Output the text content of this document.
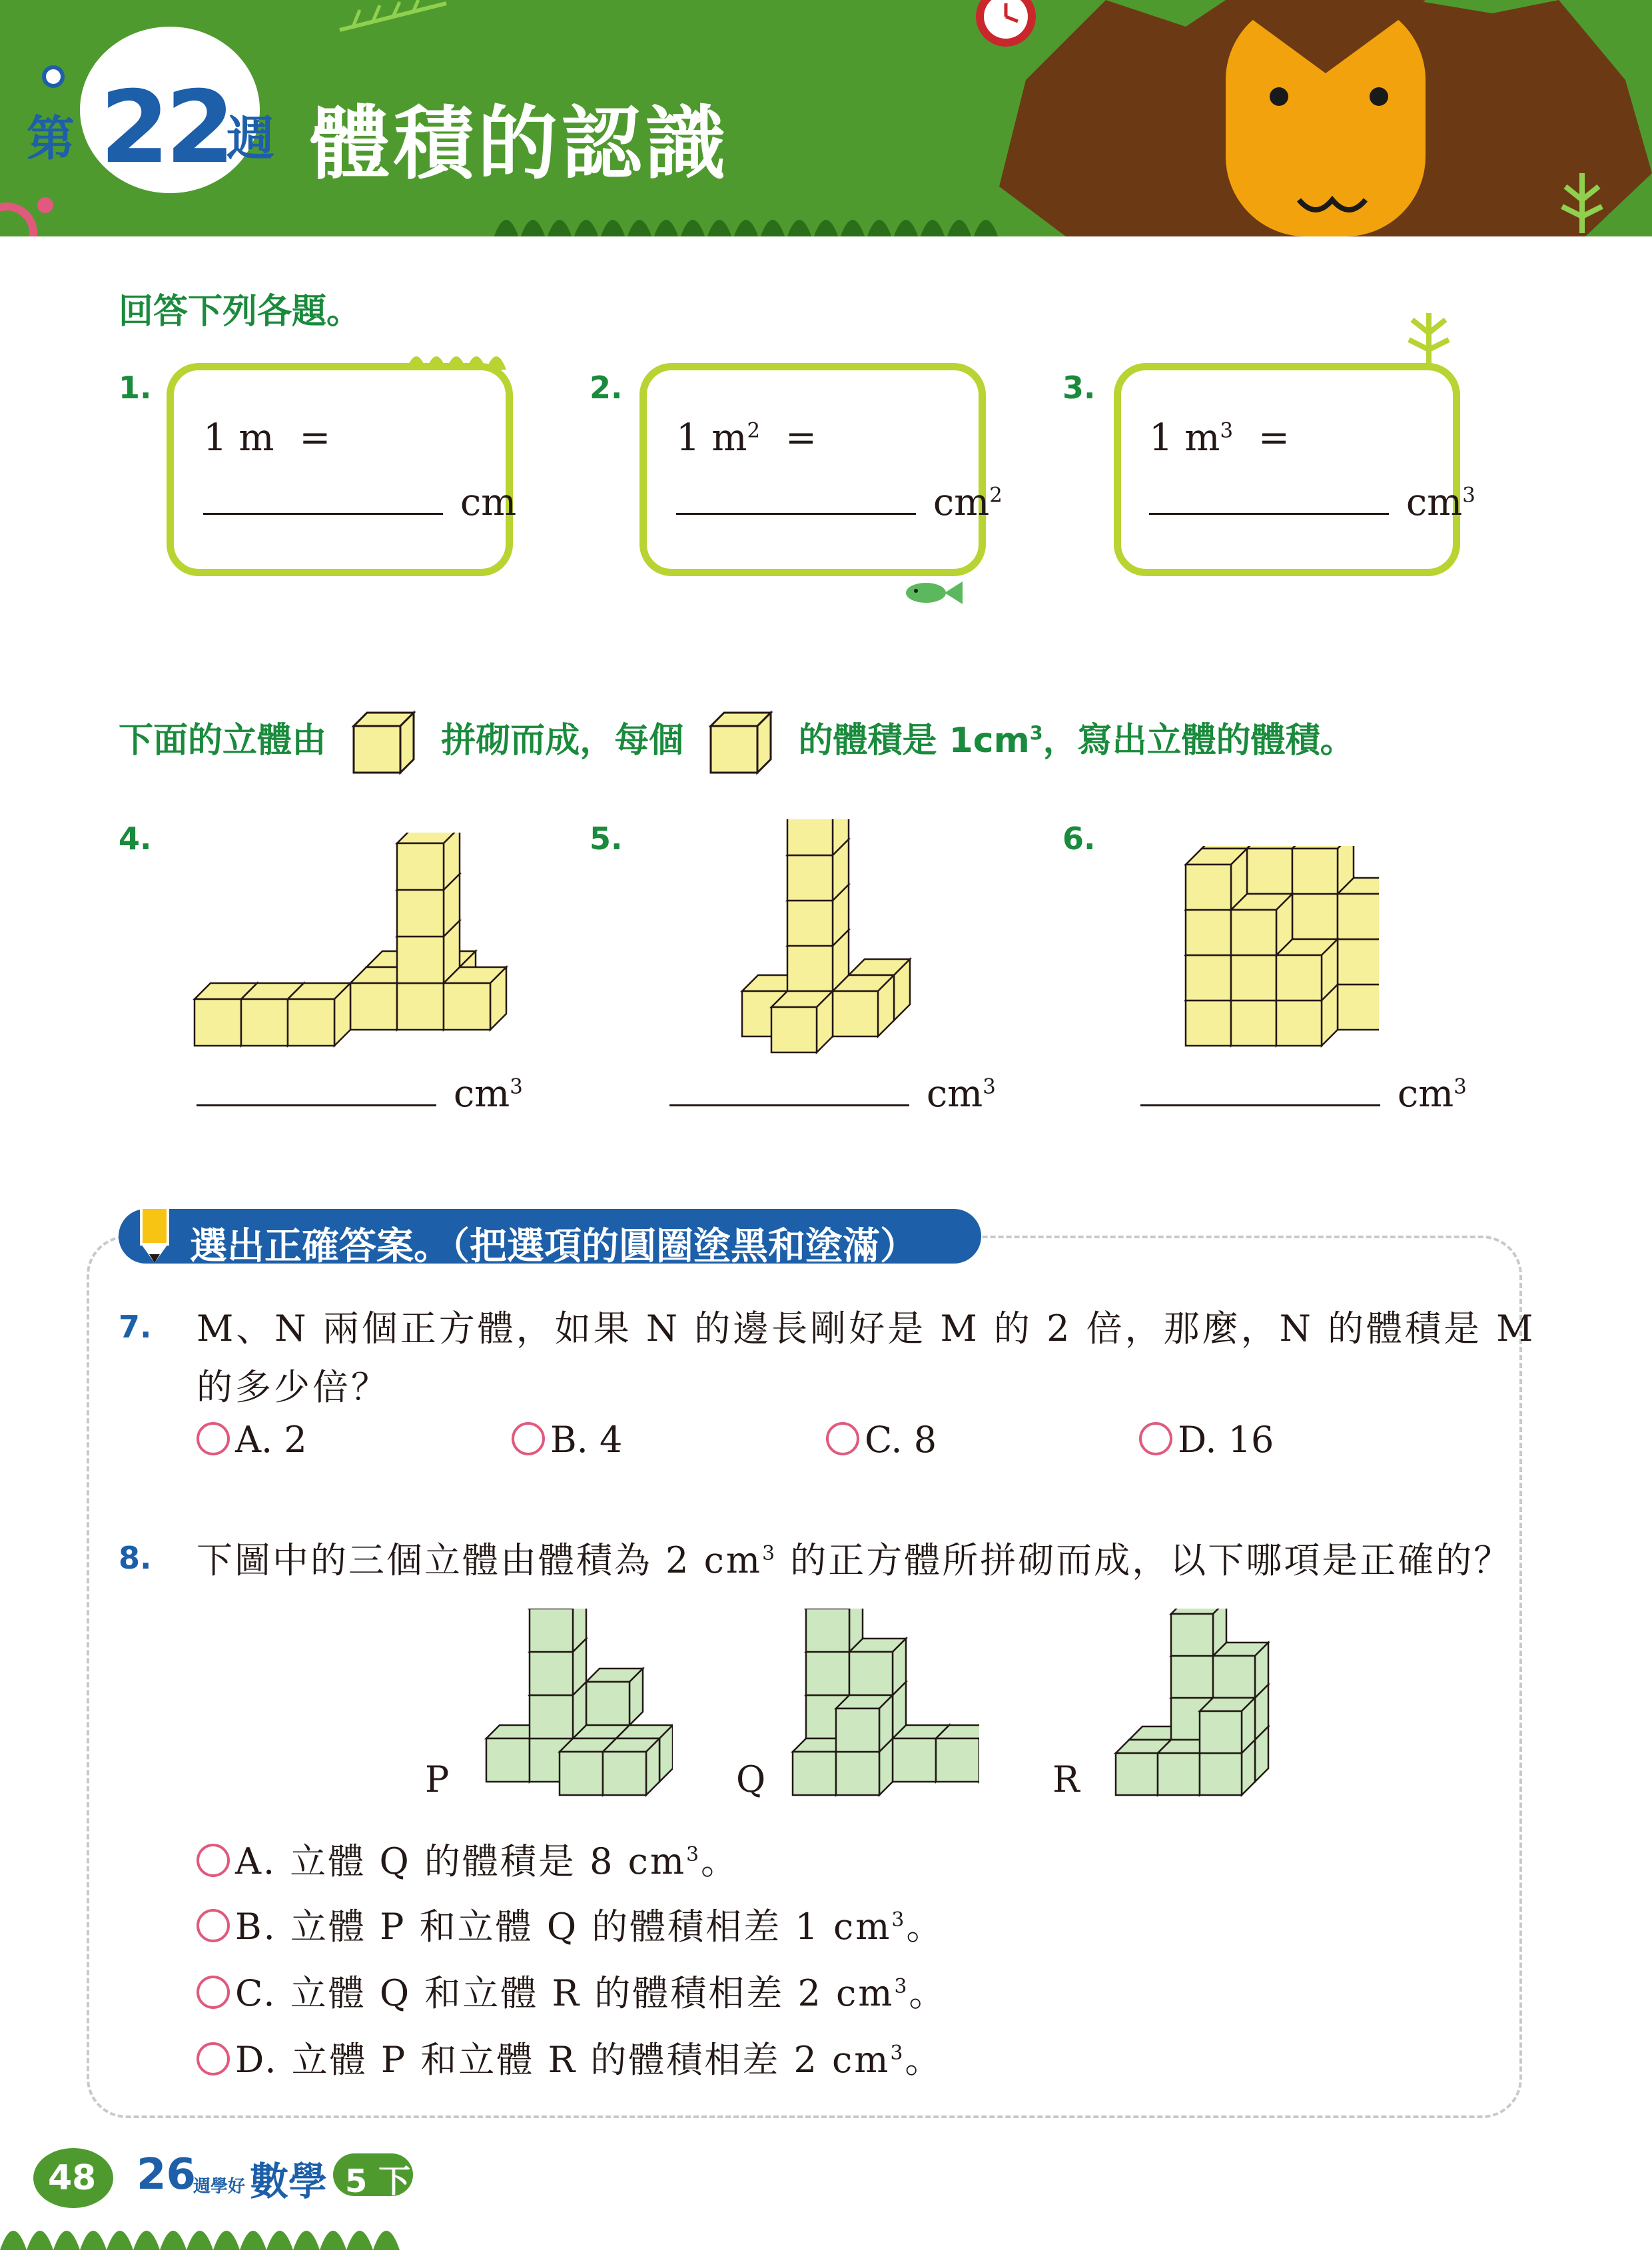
第 22
週 體積的認識
回答下列各題。
1.
1 m =
cm
2.
1 $m^2$ =
$cm^2$
3.
1 $m^3$ =
$cm^3$
下面的立體由	拼砌而成，每個	的體積是 $1cm^3$，寫出立體的體積。
4.	5.	6.
$cm^3$	$cm^3$	$cm^3$
選出正確答案。（把選項的圓圈塗黑和塗滿）
7. M、N 兩個正方體，如果 N 的邊長剛好是 M 的 2 倍，那麼，N 的體積是 M
的多少倍？
A. 2	B. 4	C. 8	D. 16
8. 下圖中的三個立體由體積為 2 $cm^3$ 的正方體所拼砌而成，以下哪項是正確的？
P	Q	R
A. 立體 Q 的體積是 8 $cm^3$。
B. 立體 P 和立體 Q 的體積相差 1 $cm^3$。
C. 立體 Q 和立體 R 的體積相差 2 $cm^3$。
D. 立體 P 和立體 R 的體積相差 2 $cm^3$。
48 26
週學好 數學 5 下
